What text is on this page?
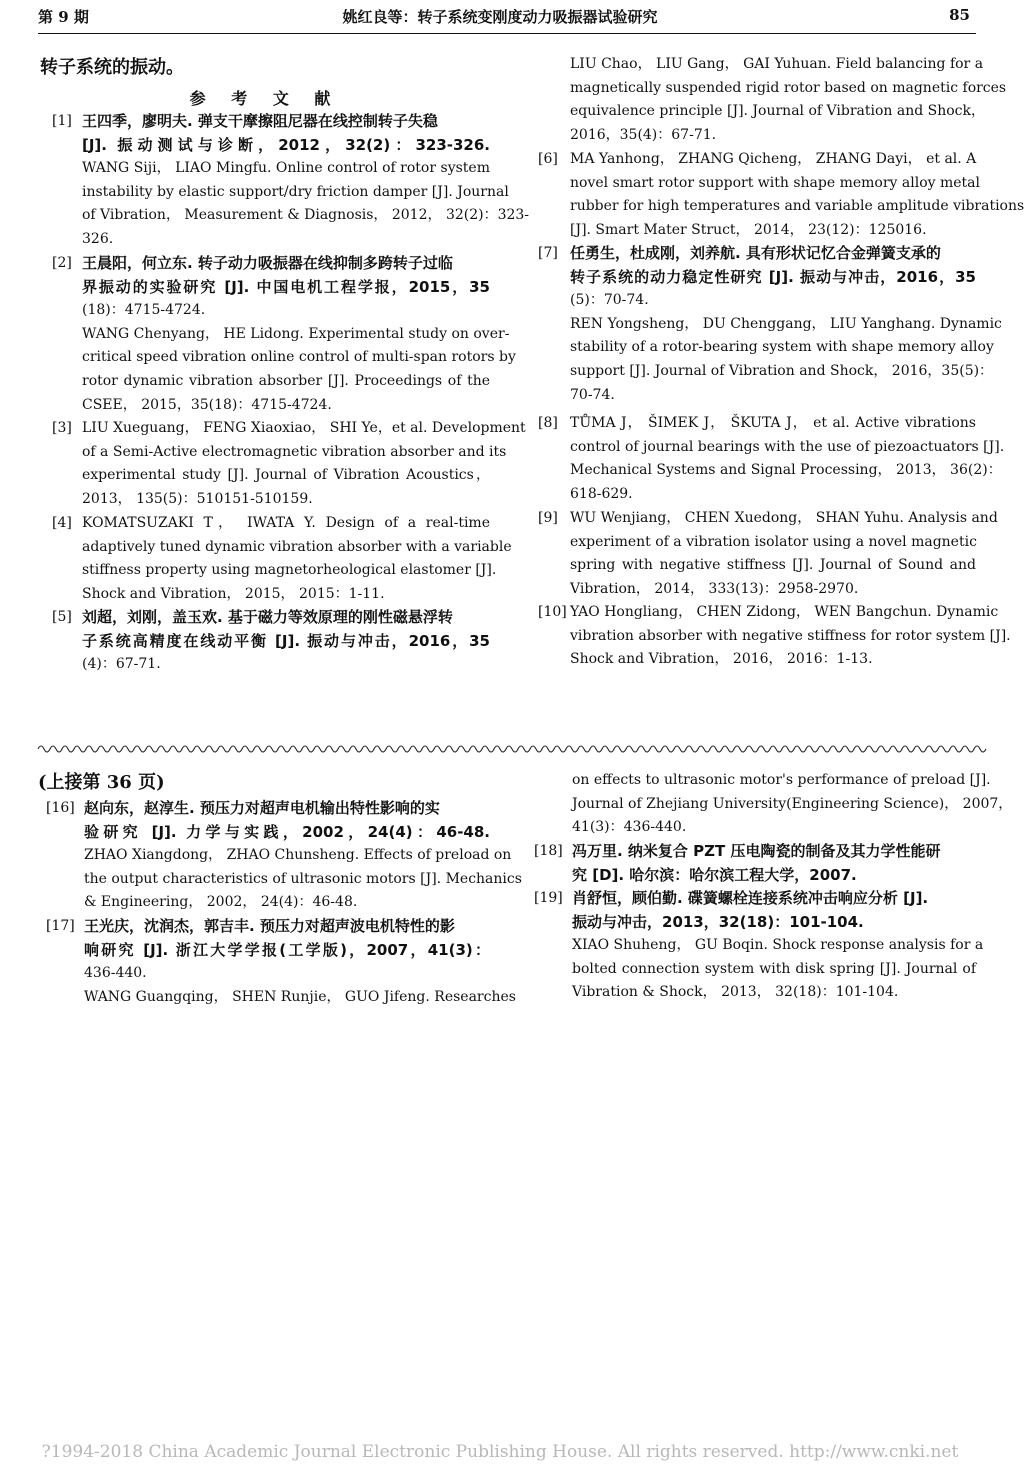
第 9 期	姚红良等：转子系统变刚度动力吸振器试验研究	85
转子系统的振动。
参 考 文 献
[1] 王四季，廖明夫. 弹支干摩擦阻尼器在线控制转子失稳
[J]. 振动测试与诊断，2012，32(2)：323-326.
WANG Siji， LIAO Mingfu. Online control of rotor system
instability by elastic support/dry friction damper [J]. Journal
of Vibration， Measurement & Diagnosis， 2012， 32(2)：323-
326.
[2] 王晨阳，何立东. 转子动力吸振器在线抑制多跨转子过临
界振动的实验研究 [J]. 中国电机工程学报，2015，35
(18)：4715-4724.
WANG Chenyang， HE Lidong. Experimental study on over-
critical speed vibration online control of multi-span rotors by
rotor dynamic vibration absorber [J]. Proceedings of the
CSEE， 2015，35(18)：4715-4724.
[3] LIU Xueguang， FENG Xiaoxiao， SHI Ye，et al. Development
of a Semi-Active electromagnetic vibration absorber and its
experimental study [J]. Journal of Vibration Acoustics，
2013， 135(5)：510151-510159.
[4] KOMATSUZAKI T， IWATA Y. Design of a real-time
adaptively tuned dynamic vibration absorber with a variable
stiffness property using magnetorheological elastomer [J].
Shock and Vibration， 2015， 2015：1-11.
[5] 刘超，刘刚，盖玉欢. 基于磁力等效原理的刚性磁悬浮转
子系统高精度在线动平衡 [J]. 振动与冲击，2016，35
(4)：67-71.
LIU Chao， LIU Gang， GAI Yuhuan. Field balancing for a
magnetically suspended rigid rotor based on magnetic forces
equivalence principle [J]. Journal of Vibration and Shock，
2016，35(4)：67-71.
[6] MA Yanhong， ZHANG Qicheng， ZHANG Dayi， et al. A
novel smart rotor support with shape memory alloy metal
rubber for high temperatures and variable amplitude vibrations
[J]. Smart Mater Struct， 2014， 23(12)：125016.
[7] 任勇生，杜成刚，刘养航. 具有形状记忆合金弹簧支承的
转子系统的动力稳定性研究 [J]. 振动与冲击，2016，35
(5)：70-74.
REN Yongsheng， DU Chenggang， LIU Yanghang. Dynamic
stability of a rotor-bearing system with shape memory alloy
support [J]. Journal of Vibration and Shock， 2016，35(5)：
70-74.
[8] TŮMA J， ŠIMEK J， ŠKUTA J， et al. Active vibrations
control of journal bearings with the use of piezoactuators [J].
Mechanical Systems and Signal Processing， 2013， 36(2)：
618-629.
[9] WU Wenjiang， CHEN Xuedong， SHAN Yuhu. Analysis and
experiment of a vibration isolator using a novel magnetic
spring with negative stiffness [J]. Journal of Sound and
Vibration， 2014， 333(13)：2958-2970.
[10] YAO Hongliang， CHEN Zidong， WEN Bangchun. Dynamic
vibration absorber with negative stiffness for rotor system [J].
Shock and Vibration， 2016， 2016：1-13.
[16] 赵向东，赵淳生. 预压力对超声电机输出特性影响的实
验研究 [J]. 力学与实践，2002，24(4)：46-48.
ZHAO Xiangdong， ZHAO Chunsheng. Effects of preload on
the output characteristics of ultrasonic motors [J]. Mechanics
& Engineering， 2002， 24(4)：46-48.
[17] 王光庆，沈润杰，郭吉丰. 预压力对超声波电机特性的影
响研究 [J]. 浙江大学学报(工学版)，2007，41(3)：
436-440.
WANG Guangqing， SHEN Runjie， GUO Jifeng. Researches
on effects to ultrasonic motor's performance of preload [J].
Journal of Zhejiang University(Engineering Science)， 2007，
41(3)：436-440.
[18] 冯万里. 纳米复合 PZT 压电陶瓷的制备及其力学性能研
究 [D]. 哈尔滨：哈尔滨工程大学，2007.
[19] 肖舒恒，顾伯勤. 碟簧螺栓连接系统冲击响应分析 [J].
振动与冲击，2013，32(18)：101-104.
XIAO Shuheng， GU Boqin. Shock response analysis for a
bolted connection system with disk spring [J]. Journal of
Vibration & Shock， 2013， 32(18)：101-104.
(上接第 36 页)
?1994-2018 China Academic Journal Electronic Publishing House. All rights reserved. http://www.cnki.net
